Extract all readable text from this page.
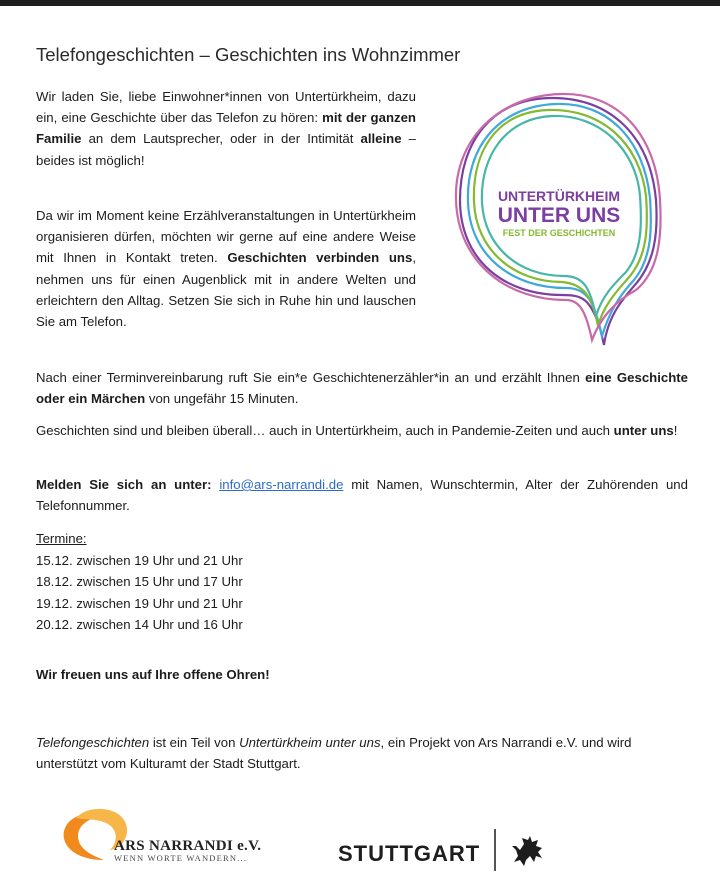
Telefongeschichten – Geschichten ins Wohnzimmer
Wir laden Sie, liebe Einwohner*innen von Untertürkheim, dazu ein, eine Geschichte über das Telefon zu hören: mit der ganzen Familie an dem Lautsprecher, oder in der Intimität alleine – beides ist möglich!
Da wir im Moment keine Erzählveranstaltungen in Untertürkheim organisieren dürfen, möchten wir gerne auf eine andere Weise mit Ihnen in Kontakt treten. Geschichten verbinden uns, nehmen uns für einen Augenblick mit in andere Welten und erleichtern den Alltag. Setzen Sie sich in Ruhe hin und lauschen Sie am Telefon.
Nach einer Terminvereinbarung ruft Sie ein*e Geschichtenerzähler*in an und erzählt Ihnen eine Geschichte oder ein Märchen von ungefähr 15 Minuten.
Geschichten sind und bleiben überall… auch in Untertürkheim, auch in Pandemie-Zeiten und auch unter uns!
Melden Sie sich an unter: info@ars-narrandi.de mit Namen, Wunschtermin, Alter der Zuhörenden und Telefonnummer.
Termine:
15.12. zwischen 19 Uhr und 21 Uhr
18.12. zwischen 15 Uhr und 17 Uhr
19.12. zwischen 19 Uhr und 21 Uhr
20.12. zwischen 14 Uhr und 16 Uhr
Wir freuen uns auf Ihre offene Ohren!
Telefongeschichten ist ein Teil von Untertürkheim unter uns, ein Projekt von Ars Narrandi e.V. und wird unterstützt vom Kulturamt der Stadt Stuttgart.
UNTERTÜRKHEIM
UNTER UNS
FEST DER GESCHICHTEN
ARS NARRANDI e.V.
WENN WORTE WANDERN...	STUTTGART
